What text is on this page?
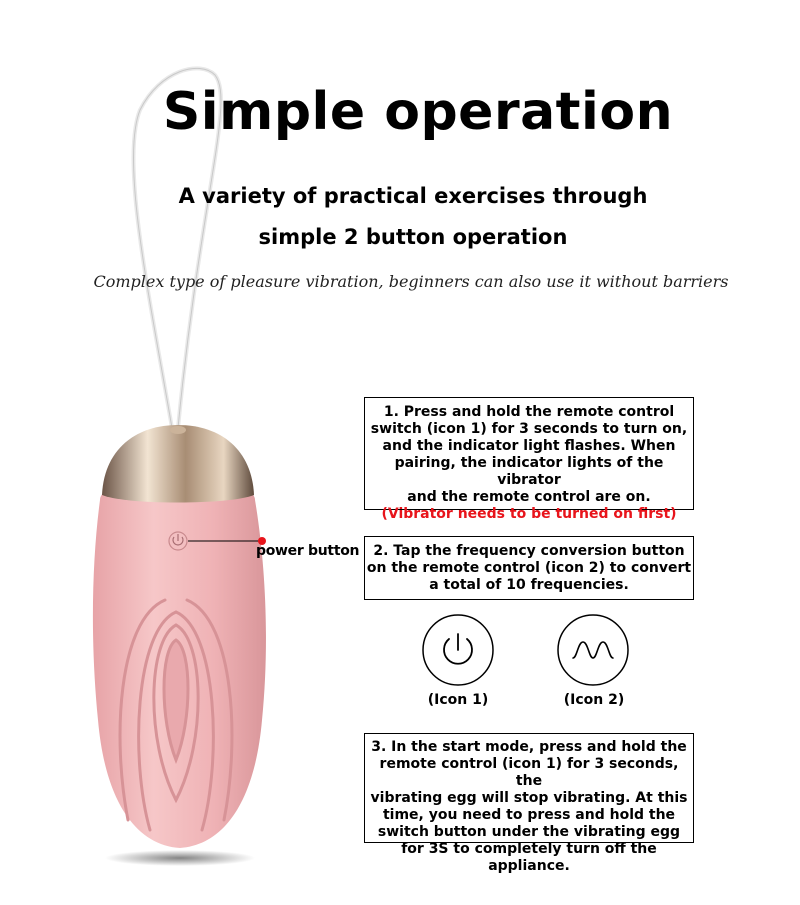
Simple operation
A variety of practical exercises through
simple 2 button operation
Complex type of pleasure vibration, beginners can also use it without barriers
power button
1. Press and hold the remote control
switch (icon 1) for 3 seconds to turn on,
and the indicator light flashes. When
pairing, the indicator lights of the vibrator
and the remote control are on.
(Vibrator needs to be turned on first)
2. Tap the frequency conversion button
on the remote control (icon 2) to convert
a total of 10 frequencies.
(Icon 1)	(Icon 2)
3. In the start mode, press and hold the
remote control (icon 1) for 3 seconds, the
vibrating egg will stop vibrating. At this
time, you need to press and hold the
switch button under the vibrating egg
for 3S to completely turn off the appliance.
